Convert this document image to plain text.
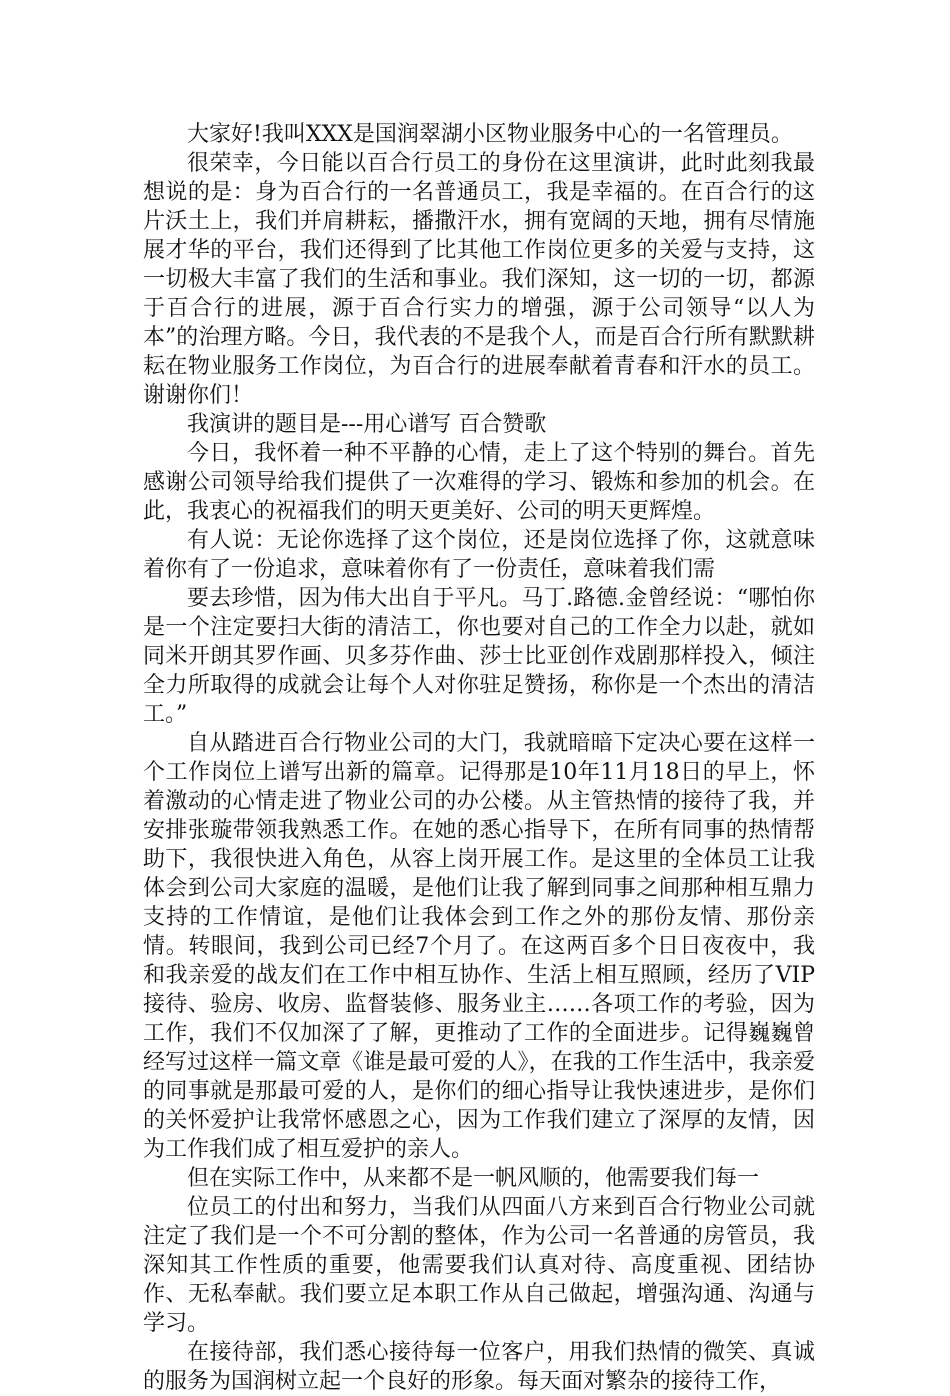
大家好!我叫XXX是国润翠湖小区物业服务中心的一名管理员。

很荣幸，今日能以百合行员工的身份在这里演讲，此时此刻我最想说的是：身为百合行的一名普通员工，我是幸福的。在百合行的这片沃土上，我们并肩耕耘，播撒汗水，拥有宽阔的天地，拥有尽情施展才华的平台，我们还得到了比其他工作岗位更多的关爱与支持，这一切极大丰富了我们的生活和事业。我们深知，这一切的一切，都源于百合行的进展，源于百合行实力的增强，源于公司领导“以人为本”的治理方略。今日，我代表的不是我个人，而是百合行所有默默耕耘在物业服务工作岗位，为百合行的进展奉献着青春和汗水的员工。谢谢你们！

我演讲的题目是---用心谱写 百合赞歌

今日，我怀着一种不平静的心情，走上了这个特别的舞台。首先感谢公司领导给我们提供了一次难得的学习、锻炼和参加的机会。在此，我衷心的祝福我们的明天更美好、公司的明天更辉煌。

有人说：无论你选择了这个岗位，还是岗位选择了你，这就意味着你有了一份追求，意味着你有了一份责任，意味着我们需

要去珍惜，因为伟大出自于平凡。马丁.路德.金曾经说：“哪怕你是一个注定要扫大街的清洁工，你也要对自己的工作全力以赴，就如同米开朗其罗作画、贝多芬作曲、莎士比亚创作戏剧那样投入，倾注全力所取得的成就会让每个人对你驻足赞扬，称你是一个杰出的清洁工。”

自从踏进百合行物业公司的大门，我就暗暗下定决心要在这样一个工作岗位上谱写出新的篇章。记得那是10年11月18日的早上，怀着激动的心情走进了物业公司的办公楼。从主管热情的接待了我，并安排张璇带领我熟悉工作。在她的悉心指导下，在所有同事的热情帮助下，我很快进入角色，从容上岗开展工作。是这里的全体员工让我体会到公司大家庭的温暖，是他们让我了解到同事之间那种相互鼎力支持的工作情谊，是他们让我体会到工作之外的那份友情、那份亲情。转眼间，我到公司已经7个月了。在这两百多个日日夜夜中，我和我亲爱的战友们在工作中相互协作、生活上相互照顾，经历了VIP接待、验房、收房、监督装修、服务业主……各项工作的考验，因为工作，我们不仅加深了了解，更推动了工作的全面进步。记得巍巍曾经写过这样一篇文章《谁是最可爱的人》，在我的工作生活中，我亲爱的同事就是那最可爱的人，是你们的细心指导让我快速进步，是你们的关怀爱护让我常怀感恩之心，因为工作我们建立了深厚的友情，因为工作我们成了相互爱护的亲人。

但在实际工作中，从来都不是一帆风顺的，他需要我们每一

位员工的付出和努力，当我们从四面八方来到百合行物业公司就注定了我们是一个不可分割的整体，作为公司一名普通的房管员，我深知其工作性质的重要，他需要我们认真对待、高度重视、团结协作、无私奉献。我们要立足本职工作从自己做起，增强沟通、沟通与学习。

在接待部，我们悉心接待每一位客户，用我们热情的微笑、真诚的服务为国润树立起一个良好的形象。每天面对繁杂的接待工作，
